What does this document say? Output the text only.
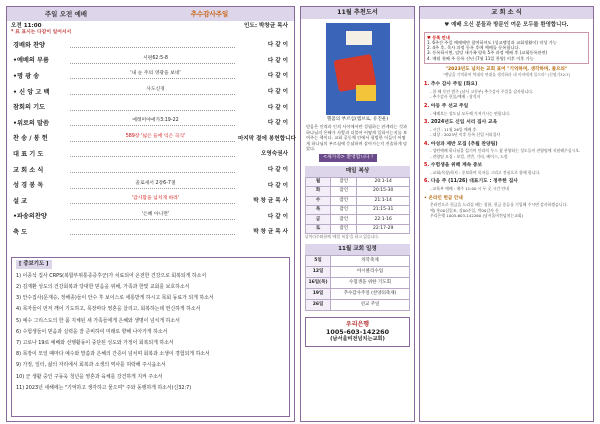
주일 오전 예배	추수감사주일
오전 11:00	인도: 박창균 목사
* 표 표시는 다같이 일어서서
경배와 찬양	다 같 이
•예배의 부름	시편62:5-8	다 같 이
•명 광 송	'내 눈 주의 영광을 보네'	다 같 이
• 신 앙 고 백	사도신경	다 같 이
참회의 기도	다 같 이
•위로의 말씀	예레미야애가3:19-22	다 같 이
찬 송 / 봉 헌	589장 '넓은 들에 익은 곡식'	마지막 절에 봉헌합니다
대 표 기 도	오영숙권사
교 회 소 식	다 같 이
성 경 봉 독	골로새서 2장6-7절	다 같 이
설 교	'감사함을 넘치게 하라'	박 창 균 목 사
•파송의찬양	'은혜 아니면'	다 같 이
축 도	박 창 균 목 사
[ 중보기도 ]
1) 이종석 집사 CRPS(복합부위통증증후군)가 치료되어 온전한 건강으로 회복되게 하소서
2) 김재환 성도의 건강회복과 당대한 믿음을 위해, 가족과 한빛 교회를 보호하소서
3) 안수집사(문재승, 정해종)들이 안수 후 보이스로 세롱받게 하시고 목회 동료가 되게 하소서
4) 목자들이 먼저 깨어 기도하고, 목장마다 영혼을 살리고, 회복하는데 헌신하게 하소서
5) 예수 그리스도의 한 몸 지체된 새 가족들에게 은혜와 생명이 넘치게 하소서
6) 수험생들이 믿음과 실력을 잘 준비하여 미래로 향해 나아가게 하소서
7) 고로나 19로 예배와 선행활동이 중단된 성도와 가정이 회복되게 하소서
8) 목장이 모일 때마다 예수와 말씀과 은혜의 간증이 넘치며 회복과 소생이 경험되게 하소서
9) 가정, 일터, 삶의 자리에서 회복과 소생의 역사를 허락해 주시옵소서
10) 군 생활 중인 구동욱 청년을 영혼과 육체를 강건하게 지켜 주소서
11) 2023년 새해에는 "기억하고 생각하고 물으며" 주와 동행하게 하소서(신32:7)
11월 추천도서
헬몸의 부르심(엠브로, 유진운)
믿음은 인격과 인격 사이에서만 성립하는 관계라는 것과 하나님의 은혜가 사람과 더불어 어떻게 일하시는지를 보여주는 책이다. 교회 공동체 안에서 평범한 이들이 어떻게 하나님의 부르심에 응답하며 살아가는지 진솔하게 담았다.
<새가족> 환영합니다 !
매일 복상
월	잠언	20:1-14
화	잠언	20:15-30
수	잠언	21:1-14
목	잠언	21:15-31
금	잠언	22:1-16
토	잠언	22:17-29
날마다주와함께 '매일 복상'을 하고 있습니다.
11월 교회 일정
5일	차학축제
12일	아시클리수업
16일(목)	수험생을 위한 기도회
19일	추수감사주일 (찬양의축제)
26일	선교 주일
우리은행
1005-603-142260
(남서울비전넘치는교회)
교 회 소 식
♥ 예배 오신 분들과 방문인 여운 모두를 환영합니다.
♥ 등록 안내
1. 6주간 주일 예배에만 참여하셔도 (성교맹성과 교회생활이) 작성 가능
2. 4주 후, 목사 과정 등록 후에 예배를 등록합니다.
3. 등록하시면, 담당 새가족 양육 5주 과정 예배 후 (교회등록관련)
4. 매월 첫째 주 등록 신년 (7월 11일 찬양) 이후 이후 가능
"2023년도 넘치는 교회 표어 "기억하며, 생각하며, 물으라"
"옛날을 기억하며 역대의 연대를 생각하라 네 아비에게 물으라" (신명기32:7)
1. 추수 감사 주일 (화요)
- 한 해 동안 범주 (남서 고등부) 추수감사 주일을 감사합니다.
- 추수감사 헌물/예배 : 참석자
2. 아동 주 선교 주일
- 세례오는 성도님 모두께 가져가시는 연합니다.
3. 2024년도 신입 서리 집사 교육
- 시간 : 11월 26일 예배 후
- 대상 : 2023년 이후 등록 신입 서리집사
4. 아성과 제반 모집 (추월 찬양팀)
- 성탄예배 하나님을 섬기며 안과의 무스 쳤 찬양하는 성도들이 찬양팀에 지원해주십시오.
- 찬양팀 모집 : 보컬, 건반, 기타, 베이스, 드럼
5. 수험생을 위해 계속 중보
- 교회/목장/하지 : 중보하며 목자들 그리고 전심으로 함께 합니다.
6. 다음 주 (11/26) 대표기도 : 정주한 집사
- 교육부 예배 : 매주 11:00 시 두 곳 시간 안내
• 온라인 헌금 안내
온라인으로 헌금을 드리실 때는 성함, 헌금 종류를 기입해 주시면 감사하겠습니다.
예) 홍00십일조, 강00주일, 박00감사 등
우리은행 1005-603-142260 (남서울비전넘치는교회)
